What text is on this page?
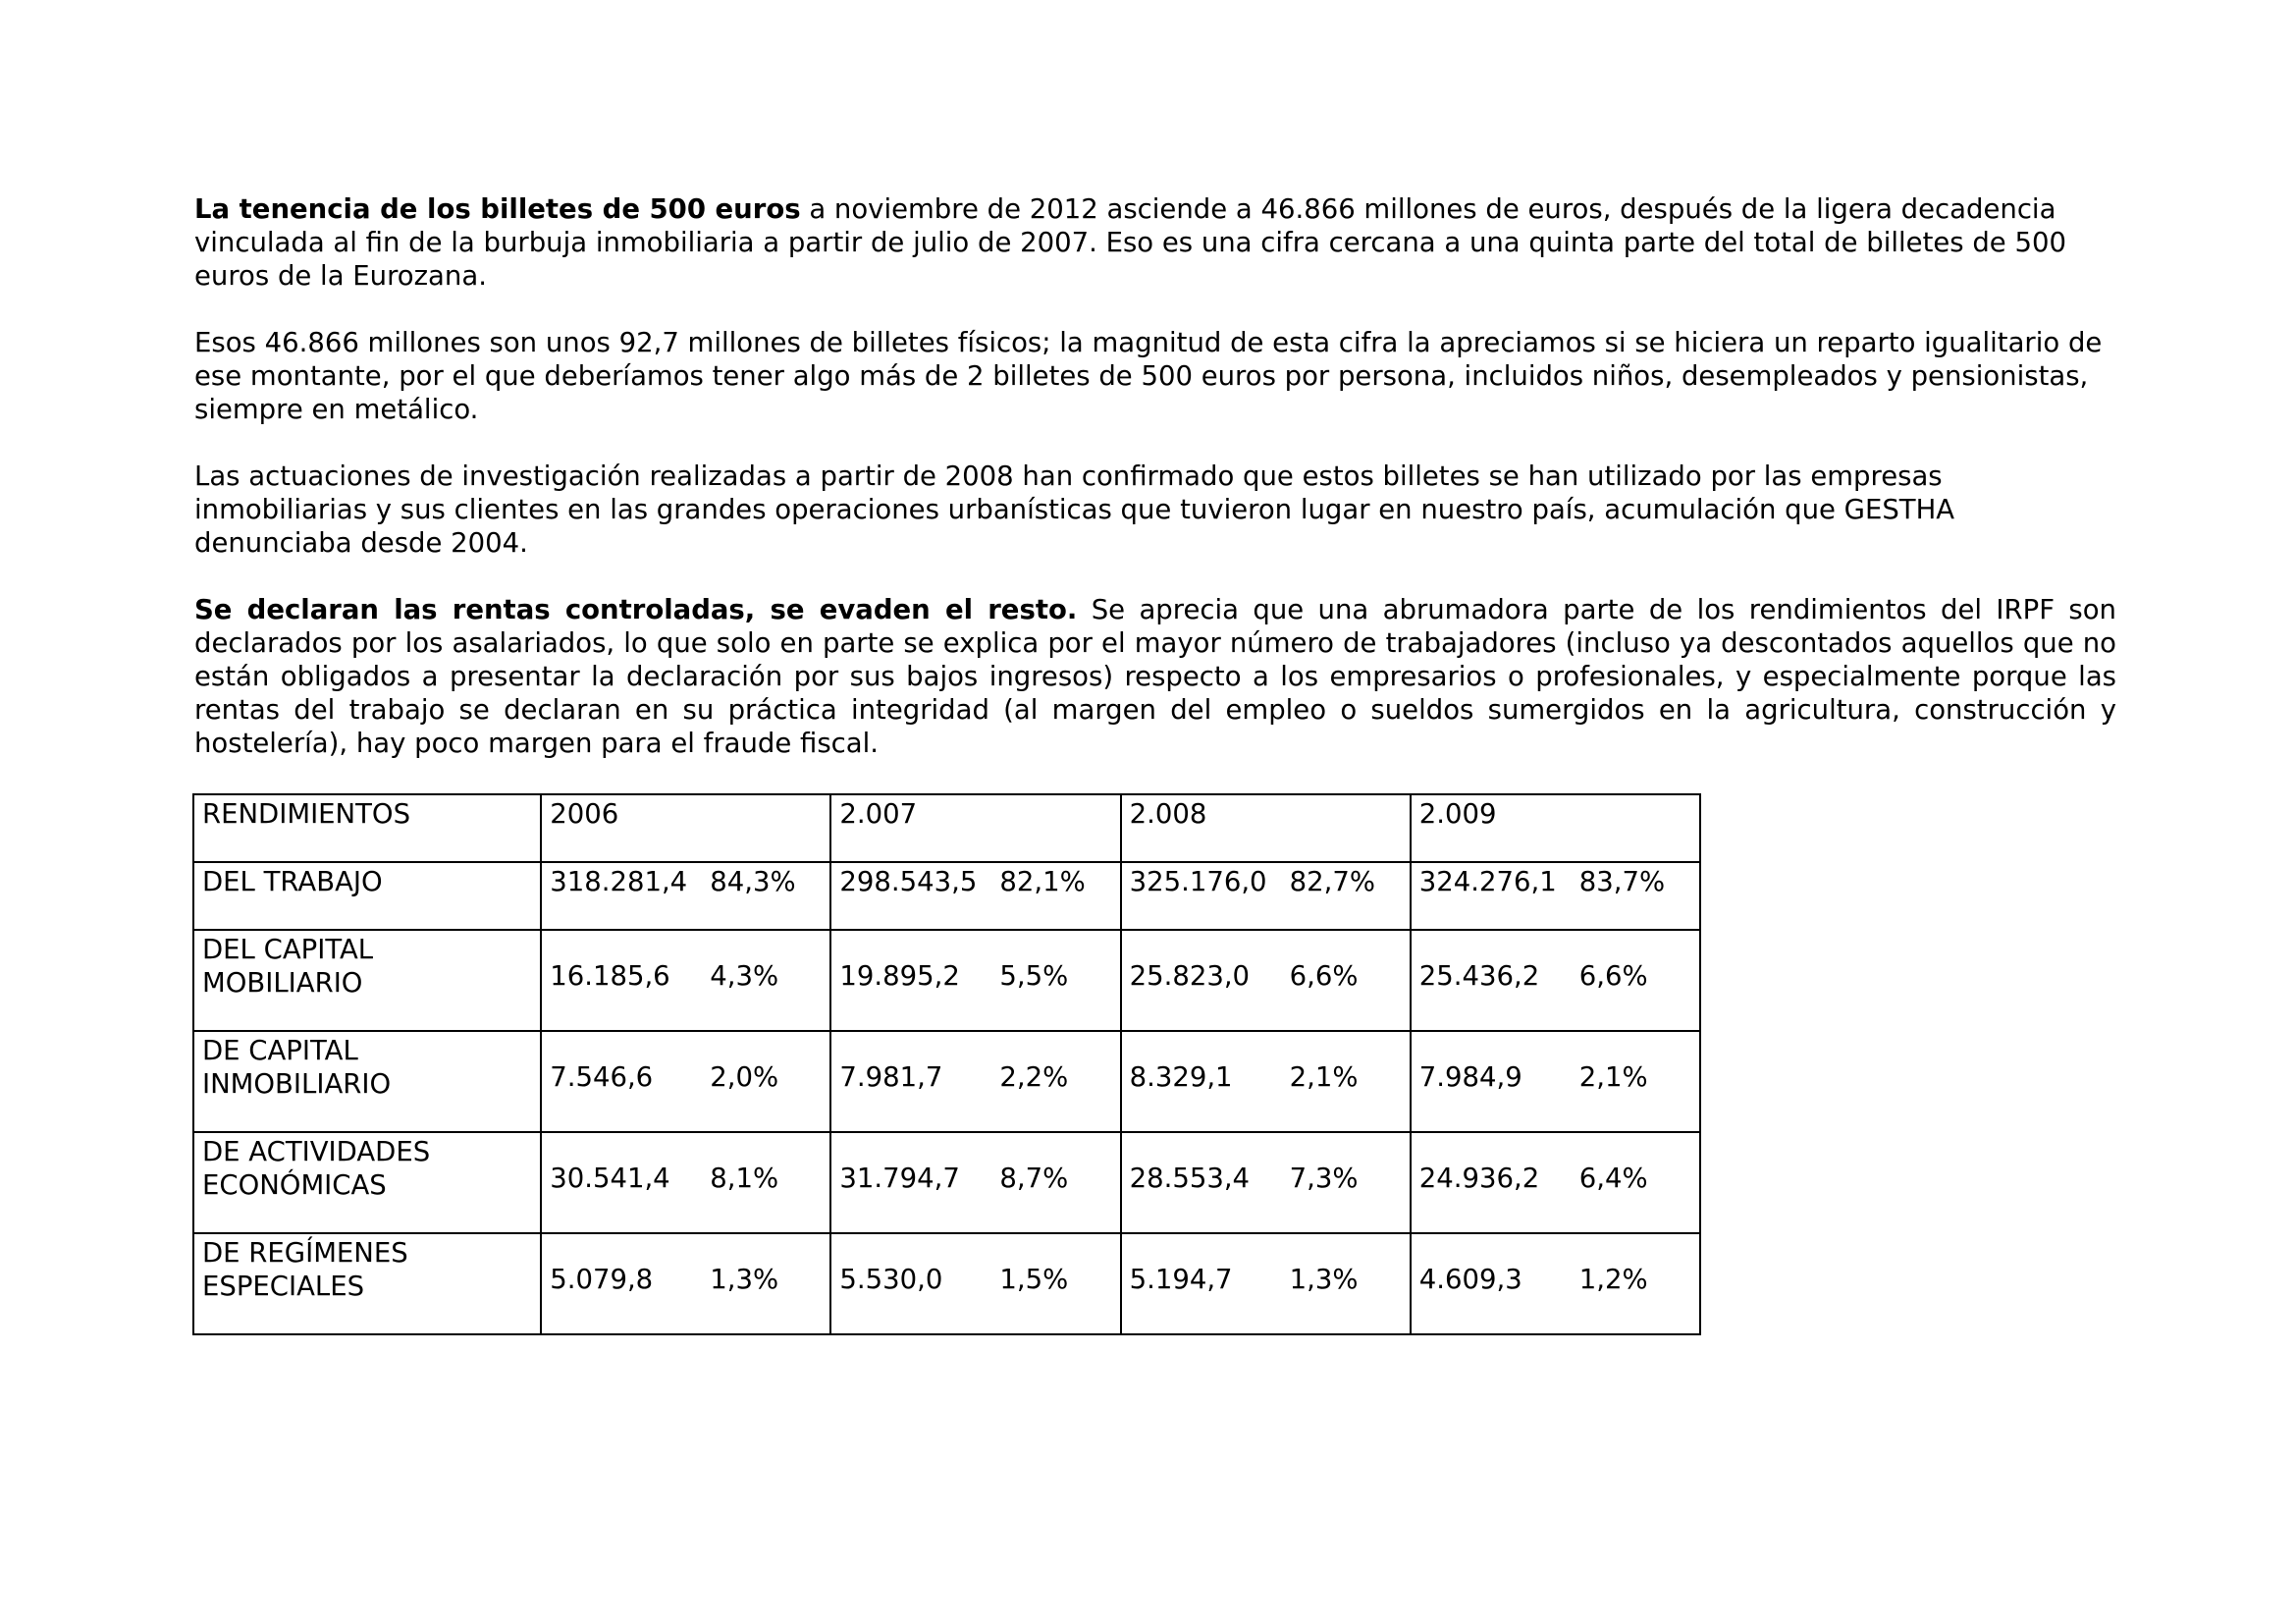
La tenencia de los billetes de 500 euros a noviembre de 2012 asciende a 46.866 millones de euros, después de la ligera decadencia vinculada al fin de la burbuja inmobiliaria a partir de julio de 2007. Eso es una cifra cercana a una quinta parte del total de billetes de 500 euros de la Eurozana.

Esos 46.866 millones son unos 92,7 millones de billetes físicos; la magnitud de esta cifra la apreciamos si se hiciera un reparto igualitario de ese montante, por el que deberíamos tener algo más de 2 billetes de 500 euros por persona, incluidos niños, desempleados y pensionistas, siempre en metálico.

Las actuaciones de investigación realizadas a partir de 2008 han confirmado que estos billetes se han utilizado por las empresas inmobiliarias y sus clientes en las grandes operaciones urbanísticas que tuvieron lugar en nuestro país, acumulación que GESTHA denunciaba desde 2004.

Se declaran las rentas controladas, se evaden el resto. Se aprecia que una abrumadora parte de los rendimientos del IRPF son declarados por los asalariados, lo que solo en parte se explica por el mayor número de trabajadores (incluso ya descontados aquellos que no están obligados a presentar la declaración por sus bajos ingresos) respecto a los empresarios o profesionales, y especialmente porque las rentas del trabajo se declaran en su práctica integridad (al margen del empleo o sueldos sumergidos en la agricultura, construcción y hostelería), hay poco margen para el fraude fiscal.

RENDIMIENTOS	2006	2.007	2.008	2.009
DEL TRABAJO	318.281,4 84,3%	298.543,5 82,1%	325.176,0 82,7%	324.276,1 83,7%
DEL CAPITAL MOBILIARIO	16.185,6 4,3%	19.895,2 5,5%	25.823,0 6,6%	25.436,2 6,6%
DE CAPITAL INMOBILIARIO	7.546,6 2,0%	7.981,7 2,2%	8.329,1 2,1%	7.984,9 2,1%
DE ACTIVIDADES ECONÓMICAS	30.541,4 8,1%	31.794,7 8,7%	28.553,4 7,3%	24.936,2 6,4%
DE REGÍMENES ESPECIALES	5.079,8 1,3%	5.530,0 1,5%	5.194,7 1,3%	4.609,3 1,2%
